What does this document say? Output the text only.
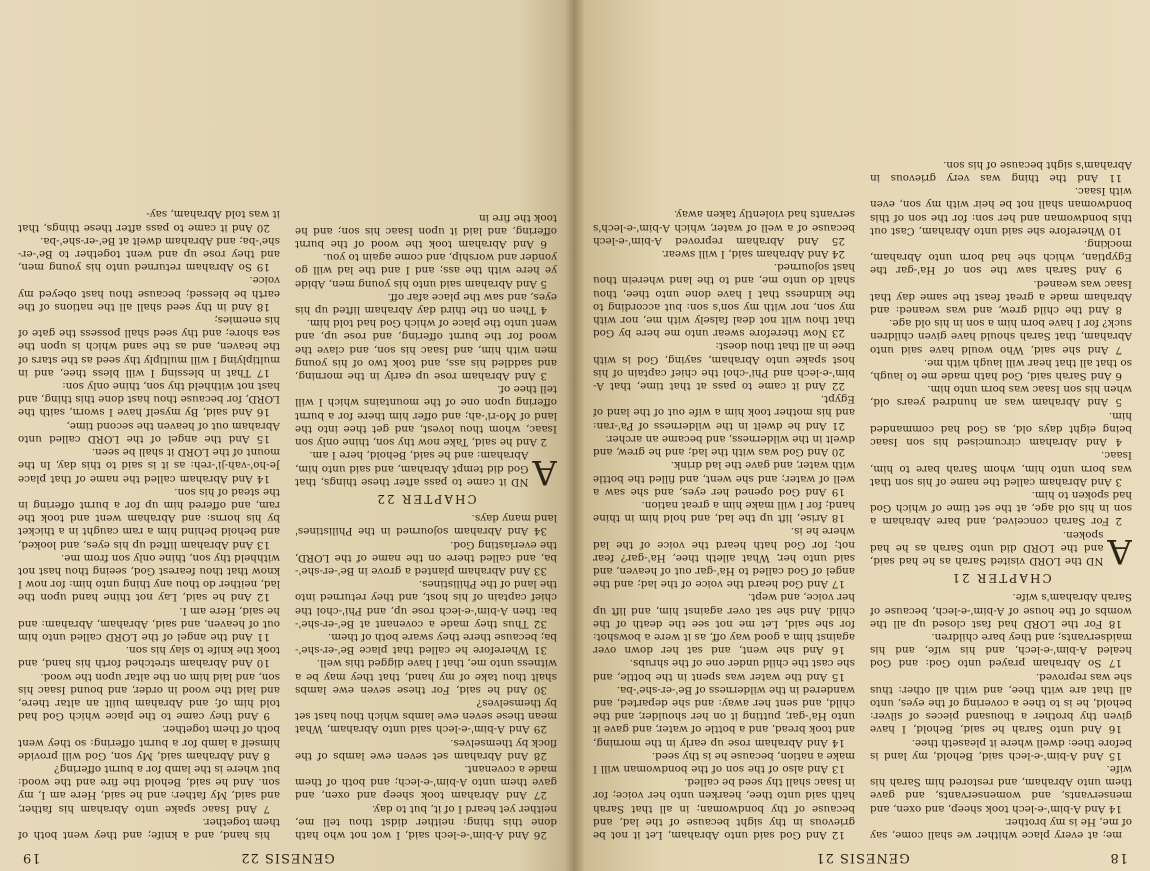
18
GENESIS 21

me; at every place whither we shall come, say of me, He is my brother.

14 And A-bim'-e-lech took sheep, and oxen, and menservants, and womenservants, and gave them unto Abraham, and restored him Sarah his wife.

15 And A-bim'-e-lech said, Behold, my land is before thee: dwell where it pleaseth thee.

16 And unto Sarah he said, Behold, I have given thy brother a thousand pieces of silver: behold, he is to thee a covering of the eyes, unto all that are with thee, and with all other: thus she was reproved.

17 So Abraham prayed unto God: and God healed A-bim'-e-lech, and his wife, and his maidservants; and they bare children.

18 For the LORD had fast closed up all the wombs of the house of A-bim'-e-lech, because of Sarah Abraham's wife.

CHAPTER 21
A

ND the LORD visited Sarah as he had said, and the LORD did unto Sarah as he had spoken.

2 For Sarah conceived, and bare Abraham a son in his old age, at the set time of which God had spoken to him.

3 And Abraham called the name of his son that was born unto him, whom Sarah bare to him, Isaac.

4 And Abraham circumcised his son Isaac being eight days old, as God had commanded him.

5 And Abraham was an hundred years old, when his son Isaac was born unto him.

6 And Sarah said, God hath made me to laugh, so that all that hear will laugh with me.

7 And she said, Who would have said unto Abraham, that Sarah should have given children suck? for I have born him a son in his old age.

8 And the child grew, and was weaned: and Abraham made a great feast the same day that Isaac was weaned.

9 And Sarah saw the son of Ha'-gar the Egyptian, which she had born unto Abraham, mocking.

10 Wherefore she said unto Abraham, Cast out this bondwoman and her son: for the son of this bondwoman shall not be heir with my son, even with Isaac.

11 And the thing was very grievous in Abraham's sight because of his son.

12 And God said unto Abraham, Let it not be grievous in thy sight because of the lad, and because of thy bondwoman; in all that Sarah hath said unto thee, hearken unto her voice; for in Isaac shall thy seed be called.

13 And also of the son of the bondwoman will I make a nation, because he is thy seed.

14 And Abraham rose up early in the morning, and took bread, and a bottle of water, and gave it unto Ha'-gar, putting it on her shoulder, and the child, and sent her away: and she departed, and wandered in the wilderness of Be'-er-she'-ba.

15 And the water was spent in the bottle, and she cast the child under one of the shrubs.

16 And she went, and sat her down over against him a good way off, as it were a bowshot: for she said, Let me not see the death of the child. And she sat over against him, and lift up her voice, and wept.

17 And God heard the voice of the lad; and the angel of God called to Ha'-gar out of heaven, and said unto her, What aileth thee, Ha'-gar? fear not; for God hath heard the voice of the lad where he is.

18 Arise, lift up the lad, and hold him in thine hand; for I will make him a great nation.

19 And God opened her eyes, and she saw a well of water; and she went, and filled the bottle with water, and gave the lad drink.

20 And God was with the lad; and he grew, and dwelt in the wilderness, and became an archer.

21 And he dwelt in the wilderness of Pa'-ran: and his mother took him a wife out of the land of Egypt.

22 And it came to pass at that time, that A-bim'-e-lech and Phi'-chol the chief captain of his host spake unto Abraham, saying, God is with thee in all that thou doest:

23 Now therefore swear unto me here by God that thou wilt not deal falsely with me, nor with my son, nor with my son's son: but according to the kindness that I have done unto thee, thou shalt do unto me, and to the land wherein thou hast sojourned.

24 And Abraham said, I will swear.

25 And Abraham reproved A-bim'-e-lech because of a well of water, which A-bim'-e-lech's servants had violently taken away.

GENESIS 22
19

26 And A-bim'-e-lech said, I wot not who hath done this thing: neither didst thou tell me, neither yet heard I of it, but to day.

27 And Abraham took sheep and oxen, and gave them unto A-bim'-e-lech; and both of them made a covenant.

28 And Abraham set seven ewe lambs of the flock by themselves.

29 And A-bim'-e-lech said unto Abraham, What mean these seven ewe lambs which thou hast set by themselves?

30 And he said, For these seven ewe lambs shalt thou take of my hand, that they may be a witness unto me, that I have digged this well.

31 Wherefore he called that place Be'-er-she'-ba; because there they sware both of them.

32 Thus they made a covenant at Be'-er-she'-ba: then A-bim'-e-lech rose up, and Phi'-chol the chief captain of his host, and they returned into the land of the Philistines.

33 And Abraham planted a grove in Be'-er-she'-ba, and called there on the name of the LORD, the everlasting God.

34 And Abraham sojourned in the Philistines' land many days.

CHAPTER 22
A

ND it came to pass after these things, that God did tempt Abraham, and said unto him, Abraham: and he said, Behold, here I am.

2 And he said, Take now thy son, thine only son Isaac, whom thou lovest, and get thee into the land of Mo-ri'-ah; and offer him there for a burnt offering upon one of the mountains which I will tell thee of.

3 And Abraham rose up early in the morning, and saddled his ass, and took two of his young men with him, and Isaac his son, and clave the wood for the burnt offering, and rose up, and went unto the place of which God had told him.

4 Then on the third day Abraham lifted up his eyes, and saw the place afar off.

5 And Abraham said unto his young men, Abide ye here with the ass; and I and the lad will go yonder and worship, and come again to you.

6 And Abraham took the wood of the burnt offering, and laid it upon Isaac his son; and he took the fire in

his hand, and a knife; and they went both of them together.

7 And Isaac spake unto Abraham his father, and said, My father: and he said, Here am I, my son. And he said, Behold the fire and the wood: but where is the lamb for a burnt offering?

8 And Abraham said, My son, God will provide himself a lamb for a burnt offering: so they went both of them together.

9 And they came to the place which God had told him of; and Abraham built an altar there, and laid the wood in order, and bound Isaac his son, and laid him on the altar upon the wood.

10 And Abraham stretched forth his hand, and took the knife to slay his son.

11 And the angel of the LORD called unto him out of heaven, and said, Abraham, Abraham: and he said, Here am I.

12 And he said, Lay not thine hand upon the lad, neither do thou any thing unto him: for now I know that thou fearest God, seeing thou hast not withheld thy son, thine only son from me.

13 And Abraham lifted up his eyes, and looked, and behold behind him a ram caught in a thicket by his horns: and Abraham went and took the ram, and offered him up for a burnt offering in the stead of his son.

14 And Abraham called the name of that place Je-ho'-vah-ji'-reh: as it is said to this day, In the mount of the LORD it shall be seen.

15 And the angel of the LORD called unto Abraham out of heaven the second time,

16 And said, By myself have I sworn, saith the LORD, for because thou hast done this thing, and hast not withheld thy son, thine only son:

17 That in blessing I will bless thee, and in multiplying I will multiply thy seed as the stars of the heaven, and as the sand which is upon the sea shore; and thy seed shall possess the gate of his enemies;

18 And in thy seed shall all the nations of the earth be blessed; because thou hast obeyed my voice.

19 So Abraham returned unto his young men, and they rose up and went together to Be'-er-she'-ba; and Abraham dwelt at Be'-er-she'-ba.

20 And it came to pass after these things, that it was told Abraham, say-
